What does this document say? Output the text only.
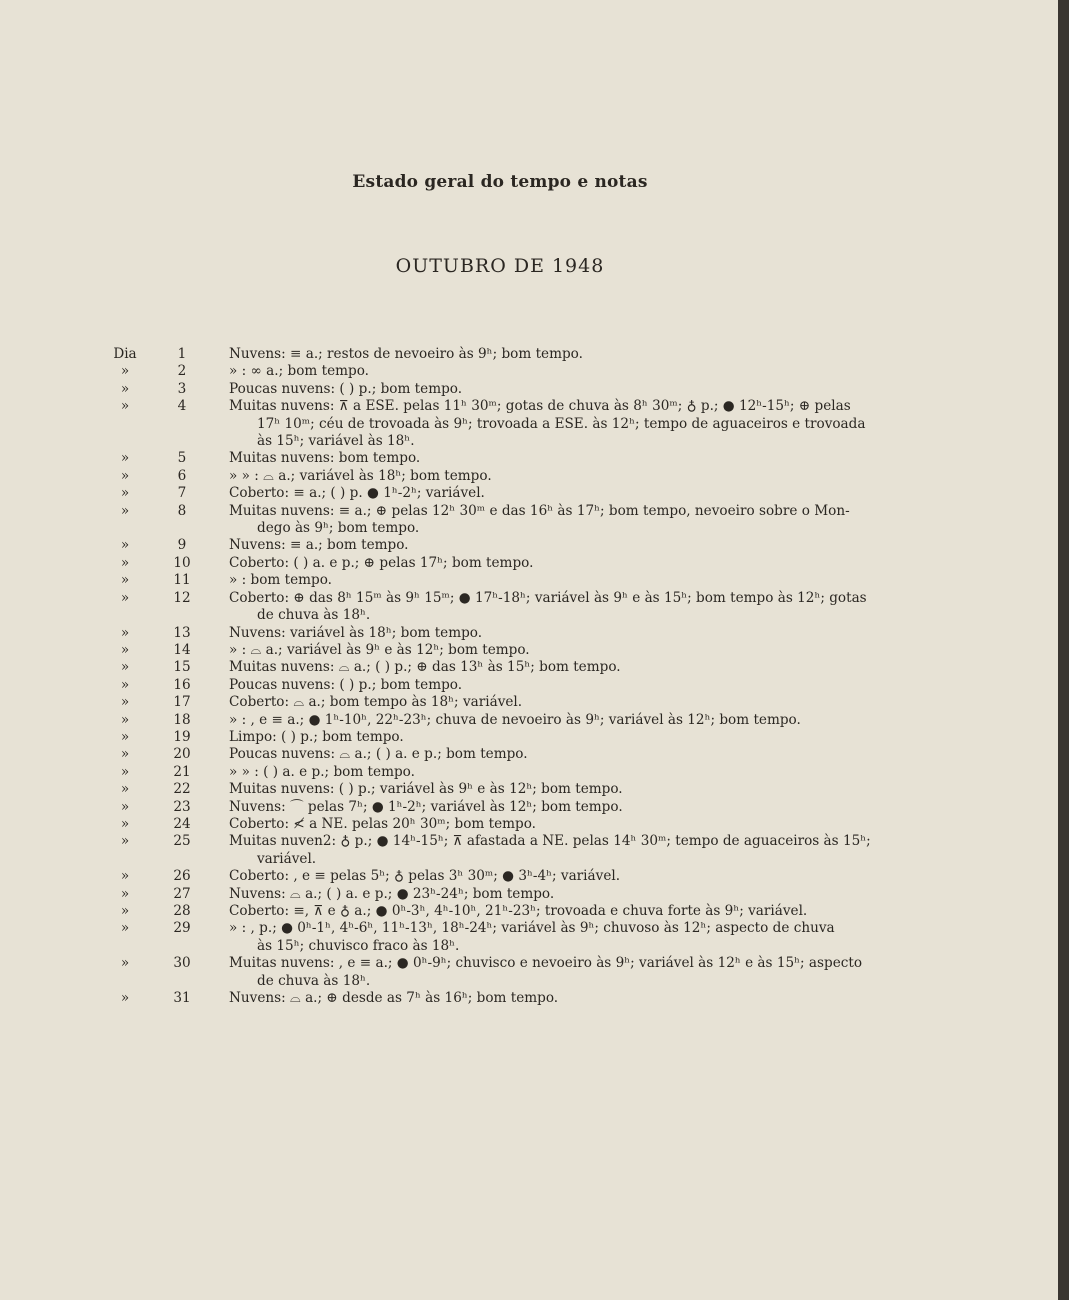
Estado geral do tempo e notas
OUTUBRO DE 1948
Dia	1	Nuvens: ≡ a.; restos de nevoeiro às 9ʰ; bom tempo.
»	2	» : ∞ a.; bom tempo.
»	3	Poucas nuvens: ( ) p.; bom tempo.
»	4	Muitas nuvens: ⊼ a ESE. pelas 11ʰ 30ᵐ; gotas de chuva às 8ʰ 30ᵐ; ♁ p.; ● 12ʰ-15ʰ; ⊕ pelas
17ʰ 10ᵐ; céu de trovoada às 9ʰ; trovoada a ESE. às 12ʰ; tempo de aguaceiros e trovoada
às 15ʰ; variável às 18ʰ.
»	5	Muitas nuvens: bom tempo.
»	6	» » : ⌓ a.; variável às 18ʰ; bom tempo.
»	7	Coberto: ≡ a.; ( ) p. ● 1ʰ-2ʰ; variável.
»	8	Muitas nuvens: ≡ a.; ⊕ pelas 12ʰ 30ᵐ e das 16ʰ às 17ʰ; bom tempo, nevoeiro sobre o Mon-
dego às 9ʰ; bom tempo.
»	9	Nuvens: ≡ a.; bom tempo.
»	10	Coberto: ( ) a. e p.; ⊕ pelas 17ʰ; bom tempo.
»	11	» : bom tempo.
»	12	Coberto: ⊕ das 8ʰ 15ᵐ às 9ʰ 15ᵐ; ● 17ʰ-18ʰ; variável às 9ʰ e às 15ʰ; bom tempo às 12ʰ; gotas
de chuva às 18ʰ.
»	13	Nuvens: variável às 18ʰ; bom tempo.
»	14	» : ⌓ a.; variável às 9ʰ e às 12ʰ; bom tempo.
»	15	Muitas nuvens: ⌓ a.; ( ) p.; ⊕ das 13ʰ às 15ʰ; bom tempo.
»	16	Poucas nuvens: ( ) p.; bom tempo.
»	17	Coberto: ⌓ a.; bom tempo às 18ʰ; variável.
»	18	» : , e ≡ a.; ● 1ʰ-10ʰ, 22ʰ-23ʰ; chuva de nevoeiro às 9ʰ; variável às 12ʰ; bom tempo.
»	19	Limpo: ( ) p.; bom tempo.
»	20	Poucas nuvens: ⌓ a.; ( ) a. e p.; bom tempo.
»	21	» » : ( ) a. e p.; bom tempo.
»	22	Muitas nuvens: ( ) p.; variável às 9ʰ e às 12ʰ; bom tempo.
»	23	Nuvens: ⌒ pelas 7ʰ; ● 1ʰ-2ʰ; variável às 12ʰ; bom tempo.
»	24	Coberto: ≮ a NE. pelas 20ʰ 30ᵐ; bom tempo.
»	25	Muitas nuven2: ♁ p.; ● 14ʰ-15ʰ; ⊼ afastada a NE. pelas 14ʰ 30ᵐ; tempo de aguaceiros às 15ʰ;
variável.
»	26	Coberto: , e ≡ pelas 5ʰ; ♁ pelas 3ʰ 30ᵐ; ● 3ʰ-4ʰ; variável.
»	27	Nuvens: ⌓ a.; ( ) a. e p.; ● 23ʰ-24ʰ; bom tempo.
»	28	Coberto: ≡, ⊼ e ♁ a.; ● 0ʰ-3ʰ, 4ʰ-10ʰ, 21ʰ-23ʰ; trovoada e chuva forte às 9ʰ; variável.
»	29	» : , p.; ● 0ʰ-1ʰ, 4ʰ-6ʰ, 11ʰ-13ʰ, 18ʰ-24ʰ; variável às 9ʰ; chuvoso às 12ʰ; aspecto de chuva
às 15ʰ; chuvisco fraco às 18ʰ.
»	30	Muitas nuvens: , e ≡ a.; ● 0ʰ-9ʰ; chuvisco e nevoeiro às 9ʰ; variável às 12ʰ e às 15ʰ; aspecto
de chuva às 18ʰ.
»	31	Nuvens: ⌓ a.; ⊕ desde as 7ʰ às 16ʰ; bom tempo.
